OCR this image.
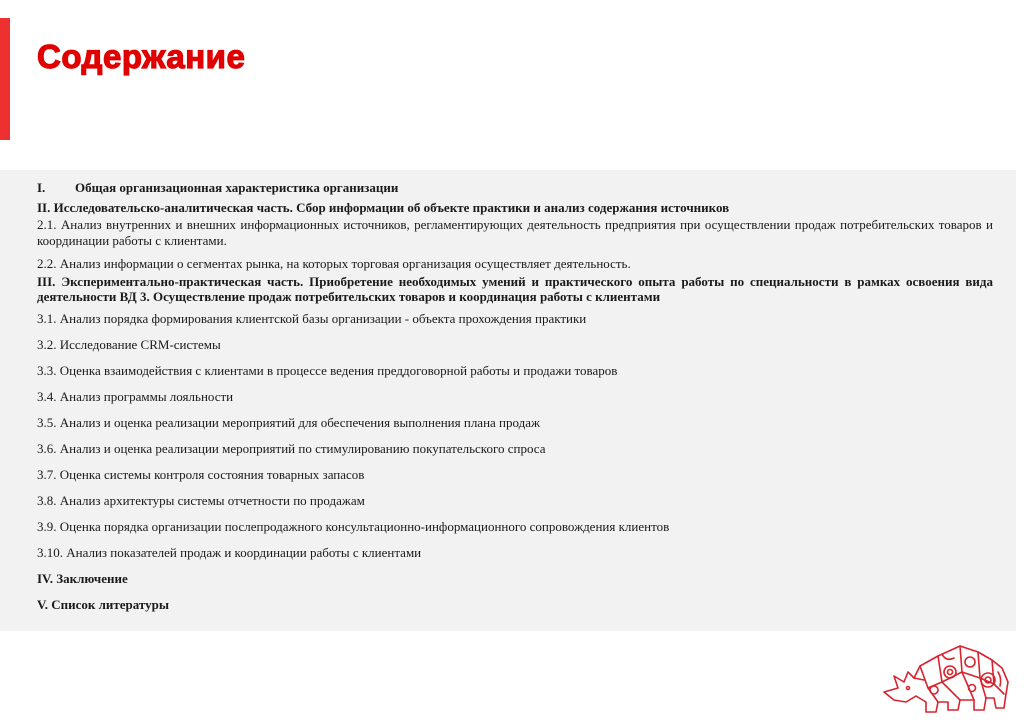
Содержание

I. Общая организационная характеристика организации

II. Исследовательско-аналитическая часть. Сбор информации об объекте практики и анализ содержания источников

2.1. Анализ внутренних и внешних информационных источников, регламентирующих деятельность предприятия при осуществлении продаж потребительских товаров и координации работы с клиентами.

2.2. Анализ информации о сегментах рынка, на которых торговая организация осуществляет деятельность.

III. Экспериментально-практическая часть. Приобретение необходимых умений и практического опыта работы по специальности в рамках освоения вида деятельности ВД 3. Осуществление продаж потребительских товаров и координация работы с клиентами

3.1. Анализ порядка формирования клиентской базы организации - объекта прохождения практики

3.2. Исследование CRM-системы

3.3. Оценка взаимодействия с клиентами в процессе ведения преддоговорной работы и продажи товаров

3.4. Анализ программы лояльности

3.5. Анализ и оценка реализации мероприятий для обеспечения выполнения плана продаж

3.6. Анализ и оценка реализации мероприятий по стимулированию покупательского спроса

3.7. Оценка системы контроля состояния товарных запасов

3.8. Анализ архитектуры системы отчетности по продажам

3.9. Оценка порядка организации послепродажного консультационно-информационного сопровождения клиентов

3.10. Анализ показателей продаж и координации работы с клиентами

IV. Заключение

V. Список литературы
